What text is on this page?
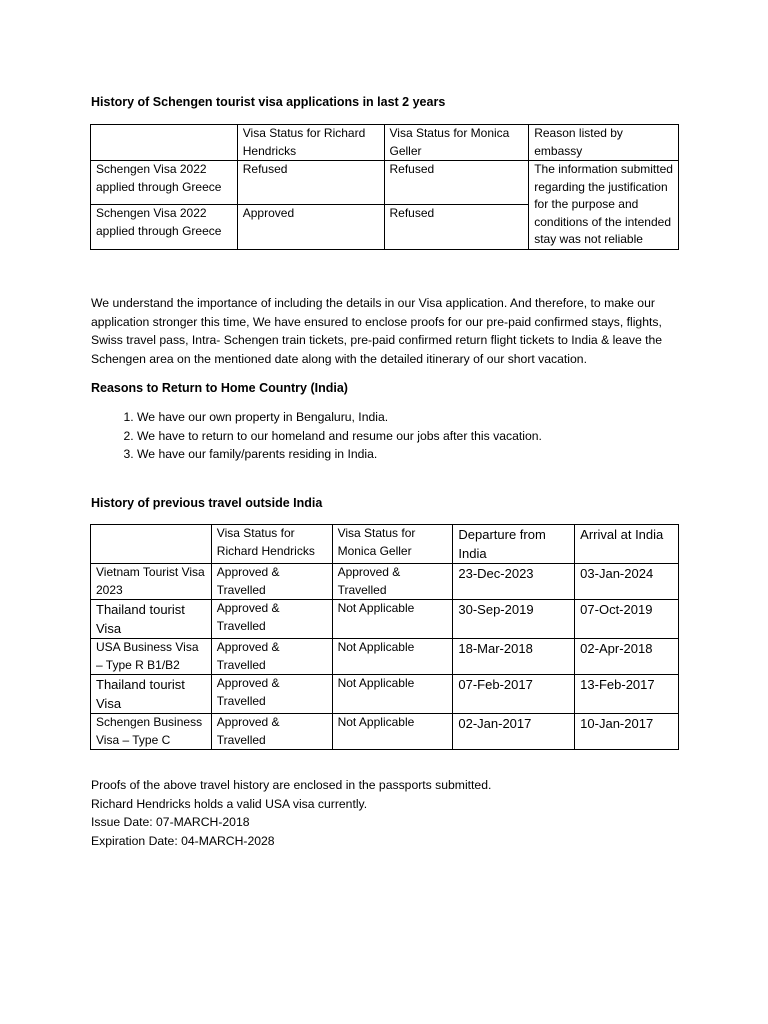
History of Schengen tourist visa applications in last 2 years
	Visa Status for Richard Hendricks	Visa Status for Monica Geller	Reason listed by embassy
Schengen Visa 2022 applied through Greece	Refused	Refused	The information submitted regarding the justification for the purpose and conditions of the intended stay was not reliable
Schengen Visa 2022 applied through Greece	Approved	Refused	
We understand the importance of including the details in our Visa application. And therefore, to make our application stronger this time, We have ensured to enclose proofs for our pre-paid confirmed stays, flights, Swiss travel pass, Intra- Schengen train tickets, pre-paid confirmed return flight tickets to India & leave the Schengen area on the mentioned date along with the detailed itinerary of our short vacation.
Reasons to Return to Home Country (India)
1. We have our own property in Bengaluru, India.
2. We have to return to our homeland and resume our jobs after this vacation.
3. We have our family/parents residing in India.
History of previous travel outside India
	Visa Status for Richard Hendricks	Visa Status for Monica Geller	Departure from India	Arrival at India
Vietnam Tourist Visa 2023	Approved & Travelled	Approved & Travelled	23-Dec-2023	03-Jan-2024
Thailand tourist Visa	Approved & Travelled	Not Applicable	30-Sep-2019	07-Oct-2019
USA Business Visa – Type R B1/B2	Approved & Travelled	Not Applicable	18-Mar-2018	02-Apr-2018
Thailand tourist Visa	Approved & Travelled	Not Applicable	07-Feb-2017	13-Feb-2017
Schengen Business Visa – Type C	Approved & Travelled	Not Applicable	02-Jan-2017	10-Jan-2017
Proofs of the above travel history are enclosed in the passports submitted.
Richard Hendricks holds a valid USA visa currently.
Issue Date: 07-MARCH-2018
Expiration Date: 04-MARCH-2028
